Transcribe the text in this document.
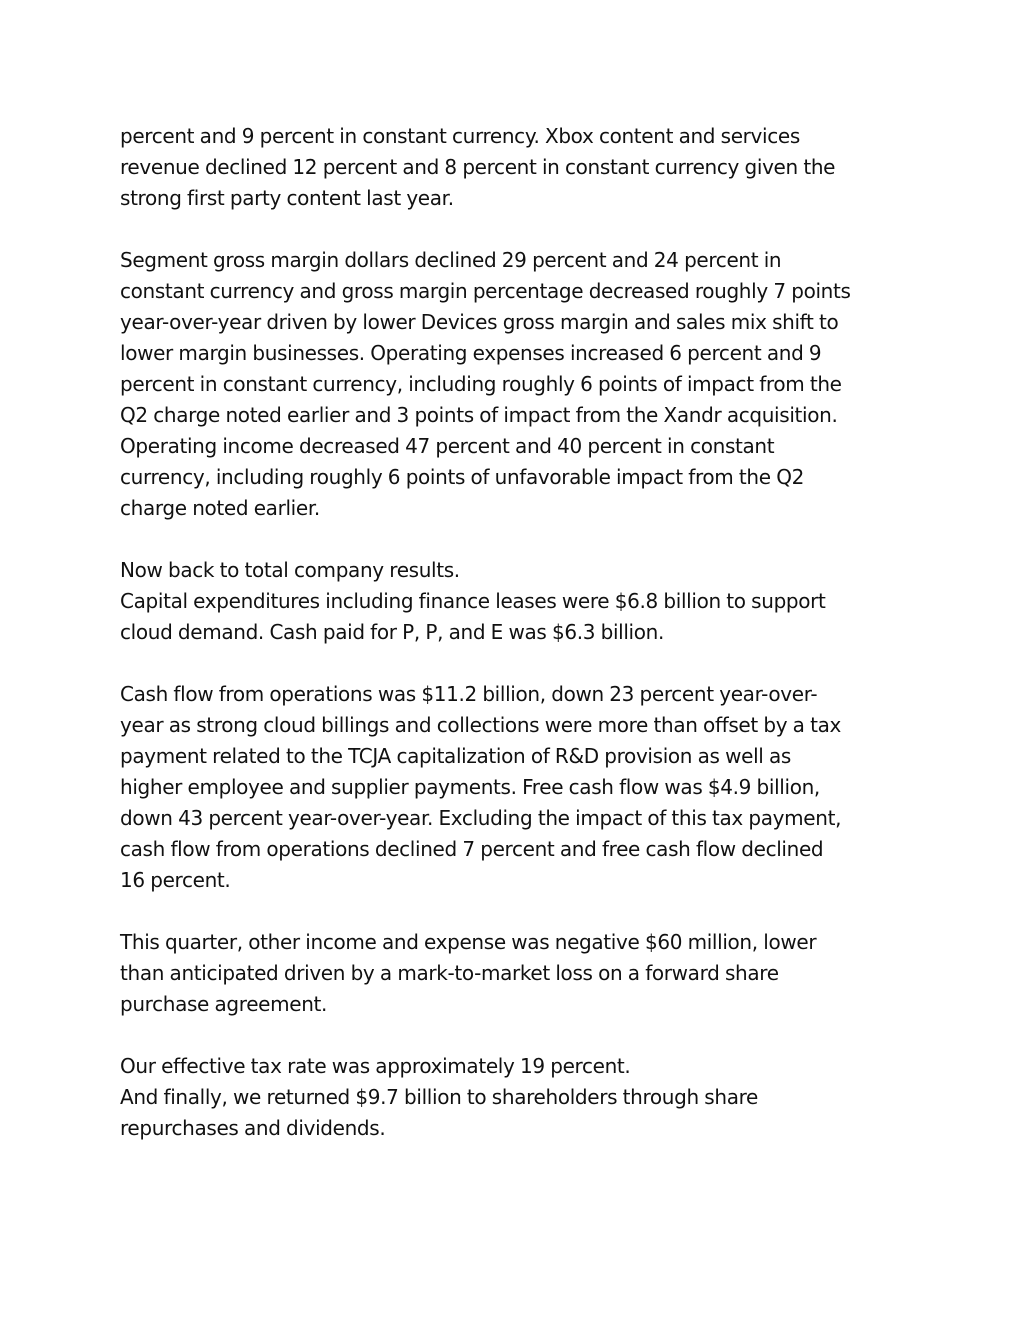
percent and 9 percent in constant currency. Xbox content and services
revenue declined 12 percent and 8 percent in constant currency given the
strong first party content last year.

Segment gross margin dollars declined 29 percent and 24 percent in
constant currency and gross margin percentage decreased roughly 7 points
year-over-year driven by lower Devices gross margin and sales mix shift to
lower margin businesses. Operating expenses increased 6 percent and 9
percent in constant currency, including roughly 6 points of impact from the
Q2 charge noted earlier and 3 points of impact from the Xandr acquisition.
Operating income decreased 47 percent and 40 percent in constant
currency, including roughly 6 points of unfavorable impact from the Q2
charge noted earlier.

Now back to total company results.

Capital expenditures including finance leases were $6.8 billion to support
cloud demand. Cash paid for P, P, and E was $6.3 billion.

Cash flow from operations was $11.2 billion, down 23 percent year-over-
year as strong cloud billings and collections were more than offset by a tax
payment related to the TCJA capitalization of R&D provision as well as
higher employee and supplier payments. Free cash flow was $4.9 billion,
down 43 percent year-over-year. Excluding the impact of this tax payment,
cash flow from operations declined 7 percent and free cash flow declined
16 percent.

This quarter, other income and expense was negative $60 million, lower
than anticipated driven by a mark-to-market loss on a forward share
purchase agreement.

Our effective tax rate was approximately 19 percent.

And finally, we returned $9.7 billion to shareholders through share
repurchases and dividends.
